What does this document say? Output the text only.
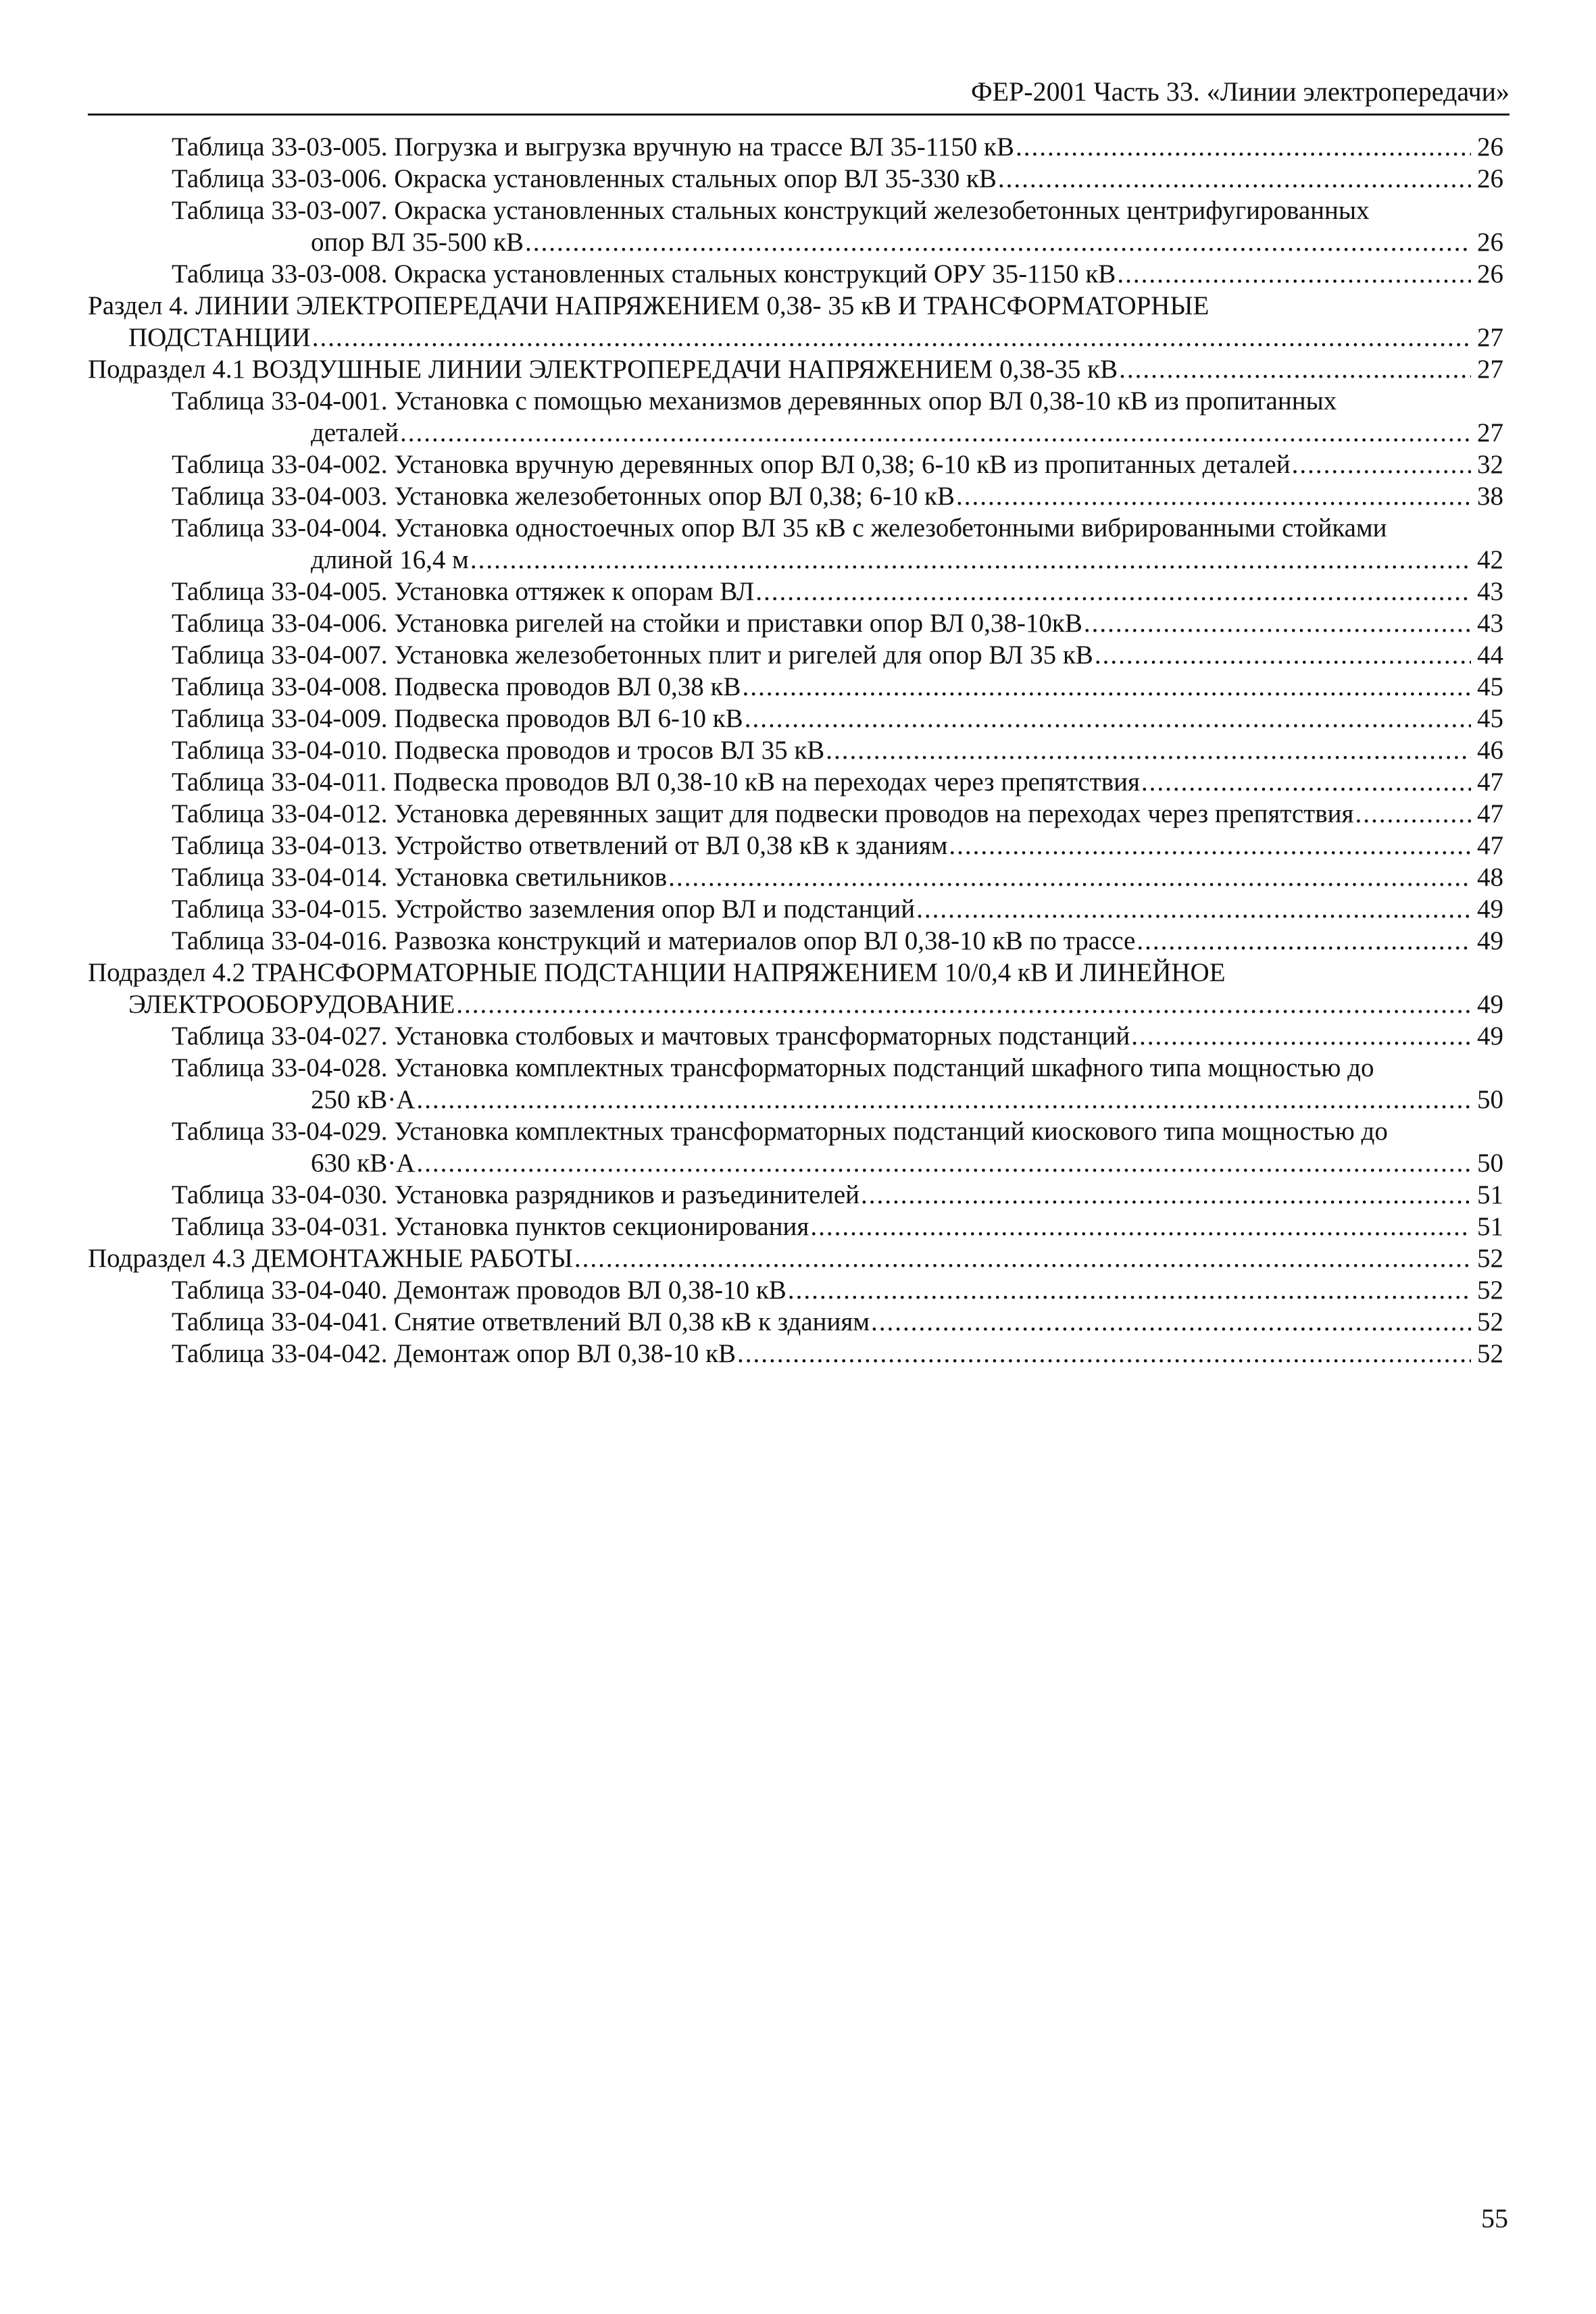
ФЕР-2001 Часть 33. «Линии электропередачи»
Таблица 33-03-005. Погрузка и выгрузка вручную на трассе ВЛ 35-1150 кВ .....	26
Таблица 33-03-006. Окраска установленных стальных опор ВЛ 35-330 кВ .....	26
Таблица 33-03-007. Окраска установленных стальных конструкций железобетонных центрифугированных
опор ВЛ 35-500 кВ .....	26
Таблица 33-03-008. Окраска установленных стальных конструкций ОРУ 35-1150 кВ .....	26
Раздел 4. ЛИНИИ ЭЛЕКТРОПЕРЕДАЧИ НАПРЯЖЕНИЕМ 0,38- 35 кВ И ТРАНСФОРМАТОРНЫЕ
ПОДСТАНЦИИ .....	27
Подраздел 4.1 ВОЗДУШНЫЕ ЛИНИИ ЭЛЕКТРОПЕРЕДАЧИ НАПРЯЖЕНИЕМ 0,38-35 кВ .....	27
Таблица 33-04-001. Установка с помощью механизмов деревянных опор ВЛ 0,38-10 кВ из пропитанных
деталей .....	27
Таблица 33-04-002. Установка вручную деревянных опор ВЛ 0,38; 6-10 кВ из пропитанных деталей .....	32
Таблица 33-04-003. Установка железобетонных опор ВЛ 0,38; 6-10 кВ .....	38
Таблица 33-04-004. Установка одностоечных опор ВЛ 35 кВ с железобетонными вибрированными стойками
длиной 16,4 м .....	42
Таблица 33-04-005. Установка оттяжек к опорам ВЛ .....	43
Таблица 33-04-006. Установка ригелей на стойки и приставки опор ВЛ 0,38-10кВ .....	43
Таблица 33-04-007. Установка железобетонных плит и ригелей для опор ВЛ 35 кВ .....	44
Таблица 33-04-008. Подвеска проводов ВЛ 0,38 кВ .....	45
Таблица 33-04-009. Подвеска проводов ВЛ 6-10 кВ .....	45
Таблица 33-04-010. Подвеска проводов и тросов ВЛ 35 кВ .....	46
Таблица 33-04-011. Подвеска проводов ВЛ 0,38-10 кВ на переходах через препятствия .....	47
Таблица 33-04-012. Установка деревянных защит для подвески проводов на переходах через препятствия .....	47
Таблица 33-04-013. Устройство ответвлений от ВЛ 0,38 кВ к зданиям .....	47
Таблица 33-04-014. Установка светильников .....	48
Таблица 33-04-015. Устройство заземления опор ВЛ и подстанций .....	49
Таблица 33-04-016. Развозка конструкций и материалов опор ВЛ 0,38-10 кВ по трассе .....	49
Подраздел 4.2 ТРАНСФОРМАТОРНЫЕ ПОДСТАНЦИИ НАПРЯЖЕНИЕМ 10/0,4 кВ И ЛИНЕЙНОЕ
ЭЛЕКТРООБОРУДОВАНИЕ .....	49
Таблица 33-04-027. Установка столбовых и мачтовых трансформаторных подстанций .....	49
Таблица 33-04-028. Установка комплектных трансформаторных подстанций шкафного типа мощностью до
250 кВ·А .....	50
Таблица 33-04-029. Установка комплектных трансформаторных подстанций киоскового типа мощностью до
630 кВ·А .....	50
Таблица 33-04-030. Установка разрядников и разъединителей .....	51
Таблица 33-04-031. Установка пунктов секционирования .....	51
Подраздел 4.3 ДЕМОНТАЖНЫЕ РАБОТЫ .....	52
Таблица 33-04-040. Демонтаж проводов ВЛ 0,38-10 кВ .....	52
Таблица 33-04-041. Снятие ответвлений ВЛ 0,38 кВ к зданиям .....	52
Таблица 33-04-042. Демонтаж опор ВЛ 0,38-10 кВ .....	52
55
